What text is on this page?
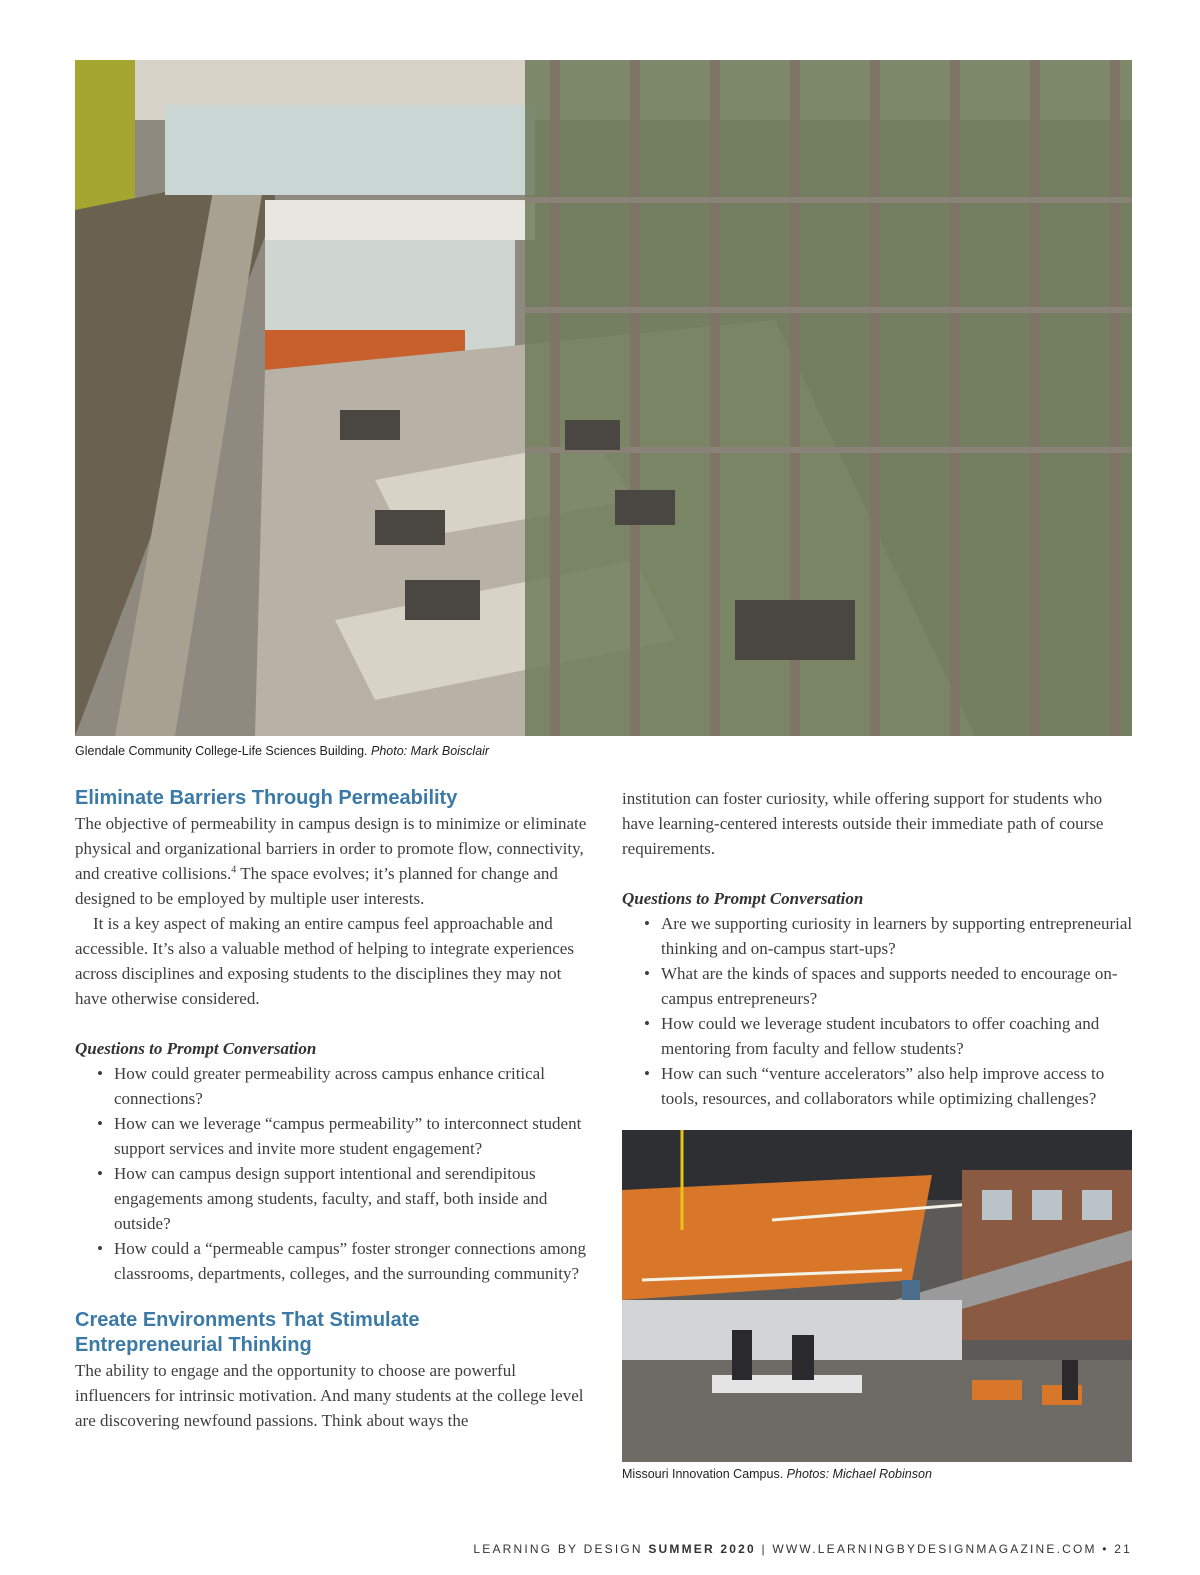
Glendale Community College-Life Sciences Building. Photo: Mark Boisclair
Eliminate Barriers Through Permeability

The objective of permeability in campus design is to minimize or eliminate physical and organizational barriers in order to promote flow, connectivity, and creative collisions.$^4$ The space evolves; it’s planned for change and designed to be employed by multiple user interests.

It is a key aspect of making an entire campus feel approachable and accessible. It’s also a valuable method of helping to integrate experiences across disciplines and exposing students to the disciplines they may not have otherwise considered.

Questions to Prompt Conversation

• How could greater permeability across campus enhance critical connections?
• How can we leverage “campus permeability” to interconnect student support services and invite more student engagement?
• How can campus design support intentional and serendipitous engagements among students, faculty, and staff, both inside and outside?
• How could a “permeable campus” foster stronger connections among classrooms, departments, colleges, and the surrounding community?
Create Environments That Stimulate
Entrepreneurial Thinking

The ability to engage and the opportunity to choose are powerful influencers for intrinsic motivation. And many students at the college level are discovering newfound passions. Think about ways the

institution can foster curiosity, while offering support for students who have learning-centered interests outside their immediate path of course requirements.

Questions to Prompt Conversation

• Are we supporting curiosity in learners by supporting entrepreneurial thinking and on-campus start-ups?
• What are the kinds of spaces and supports needed to encourage on-campus entrepreneurs?
• How could we leverage student incubators to offer coaching and mentoring from faculty and fellow students?
• How can such “venture accelerators” also help improve access to tools, resources, and collaborators while optimizing challenges?
Missouri Innovation Campus. Photos: Michael Robinson
LEARNING BY DESIGN SUMMER 2020 | WWW.LEARNINGBYDESIGNMAGAZINE.COM • 21
